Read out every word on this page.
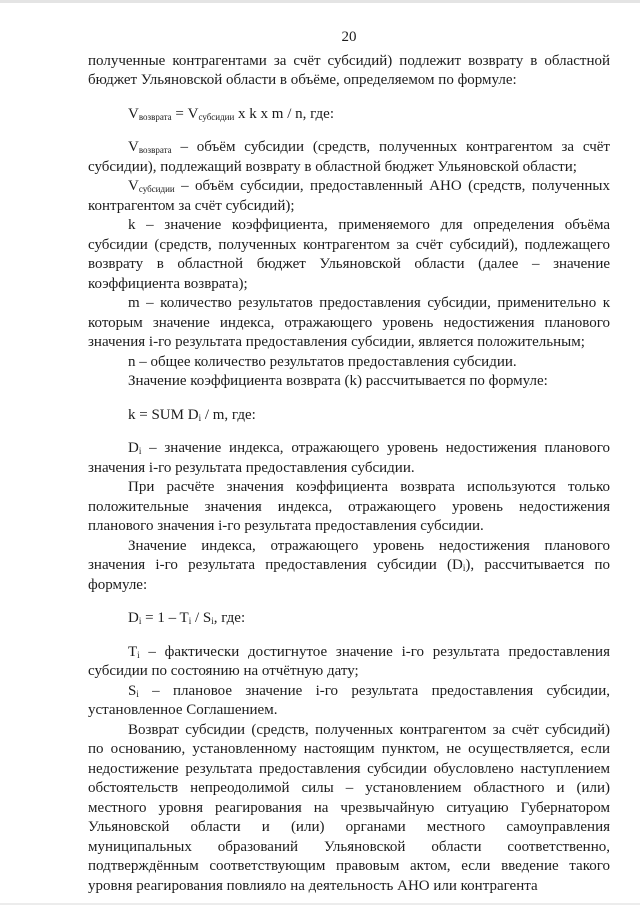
20

полученные контрагентами за счёт субсидий) подлежит возврату в областной бюджет Ульяновской области в объёме, определяемом по формуле:

$V_{возврата} = V_{субсидии}$ x k x m / n, где:

$V_{возврата}$ – объём субсидии (средств, полученных контрагентом за счёт субсидии), подлежащий возврату в областной бюджет Ульяновской области;

$V_{субсидии}$ – объём субсидии, предоставленный АНО (средств, полученных контрагентом за счёт субсидий);

k – значение коэффициента, применяемого для определения объёма субсидии (средств, полученных контрагентом за счёт субсидий), подлежащего возврату в областной бюджет Ульяновской области (далее – значение коэффициента возврата);

m – количество результатов предоставления субсидии, применительно к которым значение индекса, отражающего уровень недостижения планового значения i-го результата предоставления субсидии, является положительным;

n – общее количество результатов предоставления субсидии.

Значение коэффициента возврата (k) рассчитывается по формуле:

k = SUM $D_i$ / m, где:

$D_i$ – значение индекса, отражающего уровень недостижения планового значения i-го результата предоставления субсидии.

При расчёте значения коэффициента возврата используются только положительные значения индекса, отражающего уровень недостижения планового значения i-го результата предоставления субсидии.

Значение индекса, отражающего уровень недостижения планового значения i-го результата предоставления субсидии $(D_i)$, рассчитывается по формуле:

$D_i = 1 - T_i / S_i$, где:

$T_i$ – фактически достигнутое значение i-го результата предоставления субсидии по состоянию на отчётную дату;

$S_i$ – плановое значение i-го результата предоставления субсидии, установленное Соглашением.

Возврат субсидии (средств, полученных контрагентом за счёт субсидий) по основанию, установленному настоящим пунктом, не осуществляется, если недостижение результата предоставления субсидии обусловлено наступлением обстоятельств непреодолимой силы – установлением областного и (или) местного уровня реагирования на чрезвычайную ситуацию Губернатором Ульяновской области и (или) органами местного самоуправления муниципальных образований Ульяновской области соответственно, подтверждённым соответствующим правовым актом, если введение такого уровня реагирования повлияло на деятельность АНО или контрагента
